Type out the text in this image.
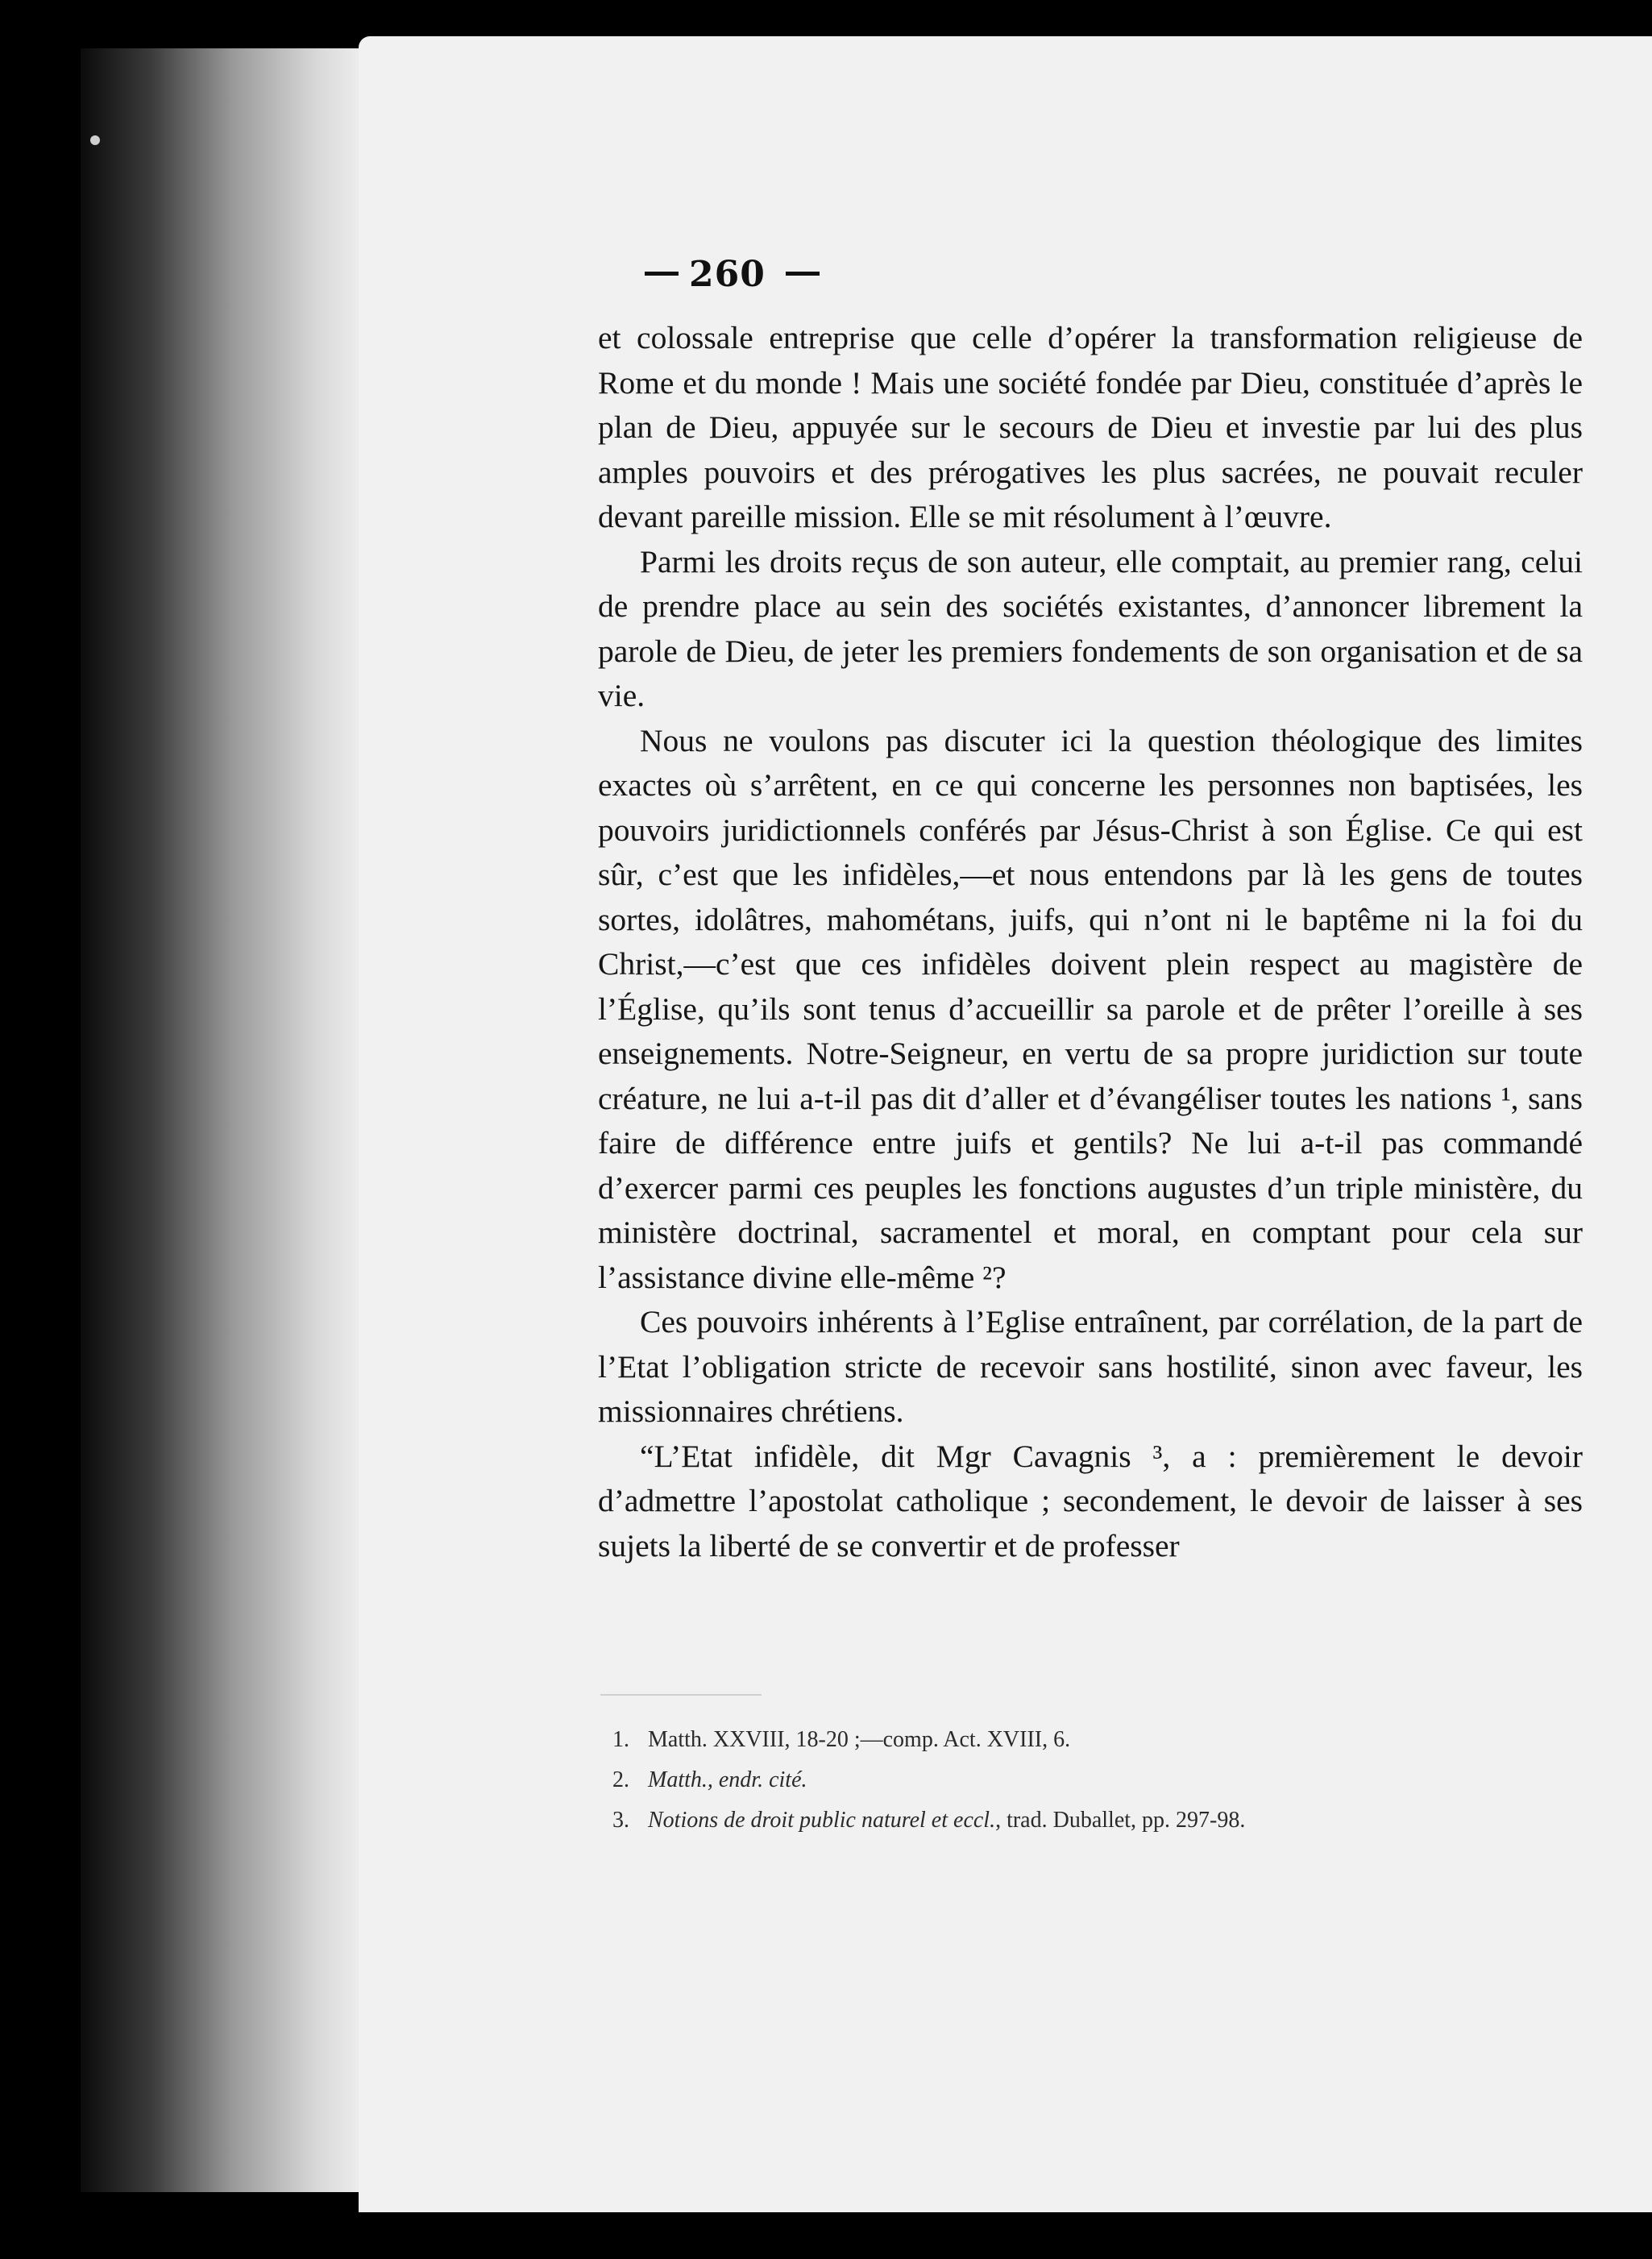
260

et colossale entreprise que celle d’opérer la transformation religieuse de Rome et du monde ! Mais une société fondée par Dieu, constituée d’après le plan de Dieu, appuyée sur le secours de Dieu et investie par lui des plus amples pouvoirs et des prérogatives les plus sacrées, ne pouvait reculer devant pareille mission. Elle se mit résolument à l’œuvre.

Parmi les droits reçus de son auteur, elle comptait, au premier rang, celui de prendre place au sein des sociétés existantes, d’annoncer librement la parole de Dieu, de jeter les premiers fondements de son organisation et de sa vie.

Nous ne voulons pas discuter ici la question théologique des limites exactes où s’arrêtent, en ce qui concerne les personnes non baptisées, les pouvoirs juridictionnels conférés par Jésus-Christ à son Église. Ce qui est sûr, c’est que les infidèles,—et nous entendons par là les gens de toutes sortes, idolâtres, mahométans, juifs, qui n’ont ni le baptême ni la foi du Christ,—c’est que ces infidèles doivent plein respect au magistère de l’Église, qu’ils sont tenus d’accueillir sa parole et de prêter l’oreille à ses enseignements. Notre-Seigneur, en vertu de sa propre juridiction sur toute créature, ne lui a-t-il pas dit d’aller et d’évangéliser toutes les nations ¹, sans faire de différence entre juifs et gentils? Ne lui a-t-il pas commandé d’exercer parmi ces peuples les fonctions augustes d’un triple ministère, du ministère doctrinal, sacramentel et moral, en comptant pour cela sur l’assistance divine elle-même ²?

Ces pouvoirs inhérents à l’Eglise entraînent, par corrélation, de la part de l’Etat l’obligation stricte de recevoir sans hostilité, sinon avec faveur, les missionnaires chrétiens.

“L’Etat infidèle, dit Mgr Cavagnis ³, a : premièrement le devoir d’admettre l’apostolat catholique ; secondement, le devoir de laisser à ses sujets la liberté de se convertir et de professer

1. Matth. XXVIII, 18-20 ;—comp. Act. XVIII, 6.
2. Matth., endr. cité.
3. Notions de droit public naturel et eccl., trad. Duballet, pp. 297-98.
